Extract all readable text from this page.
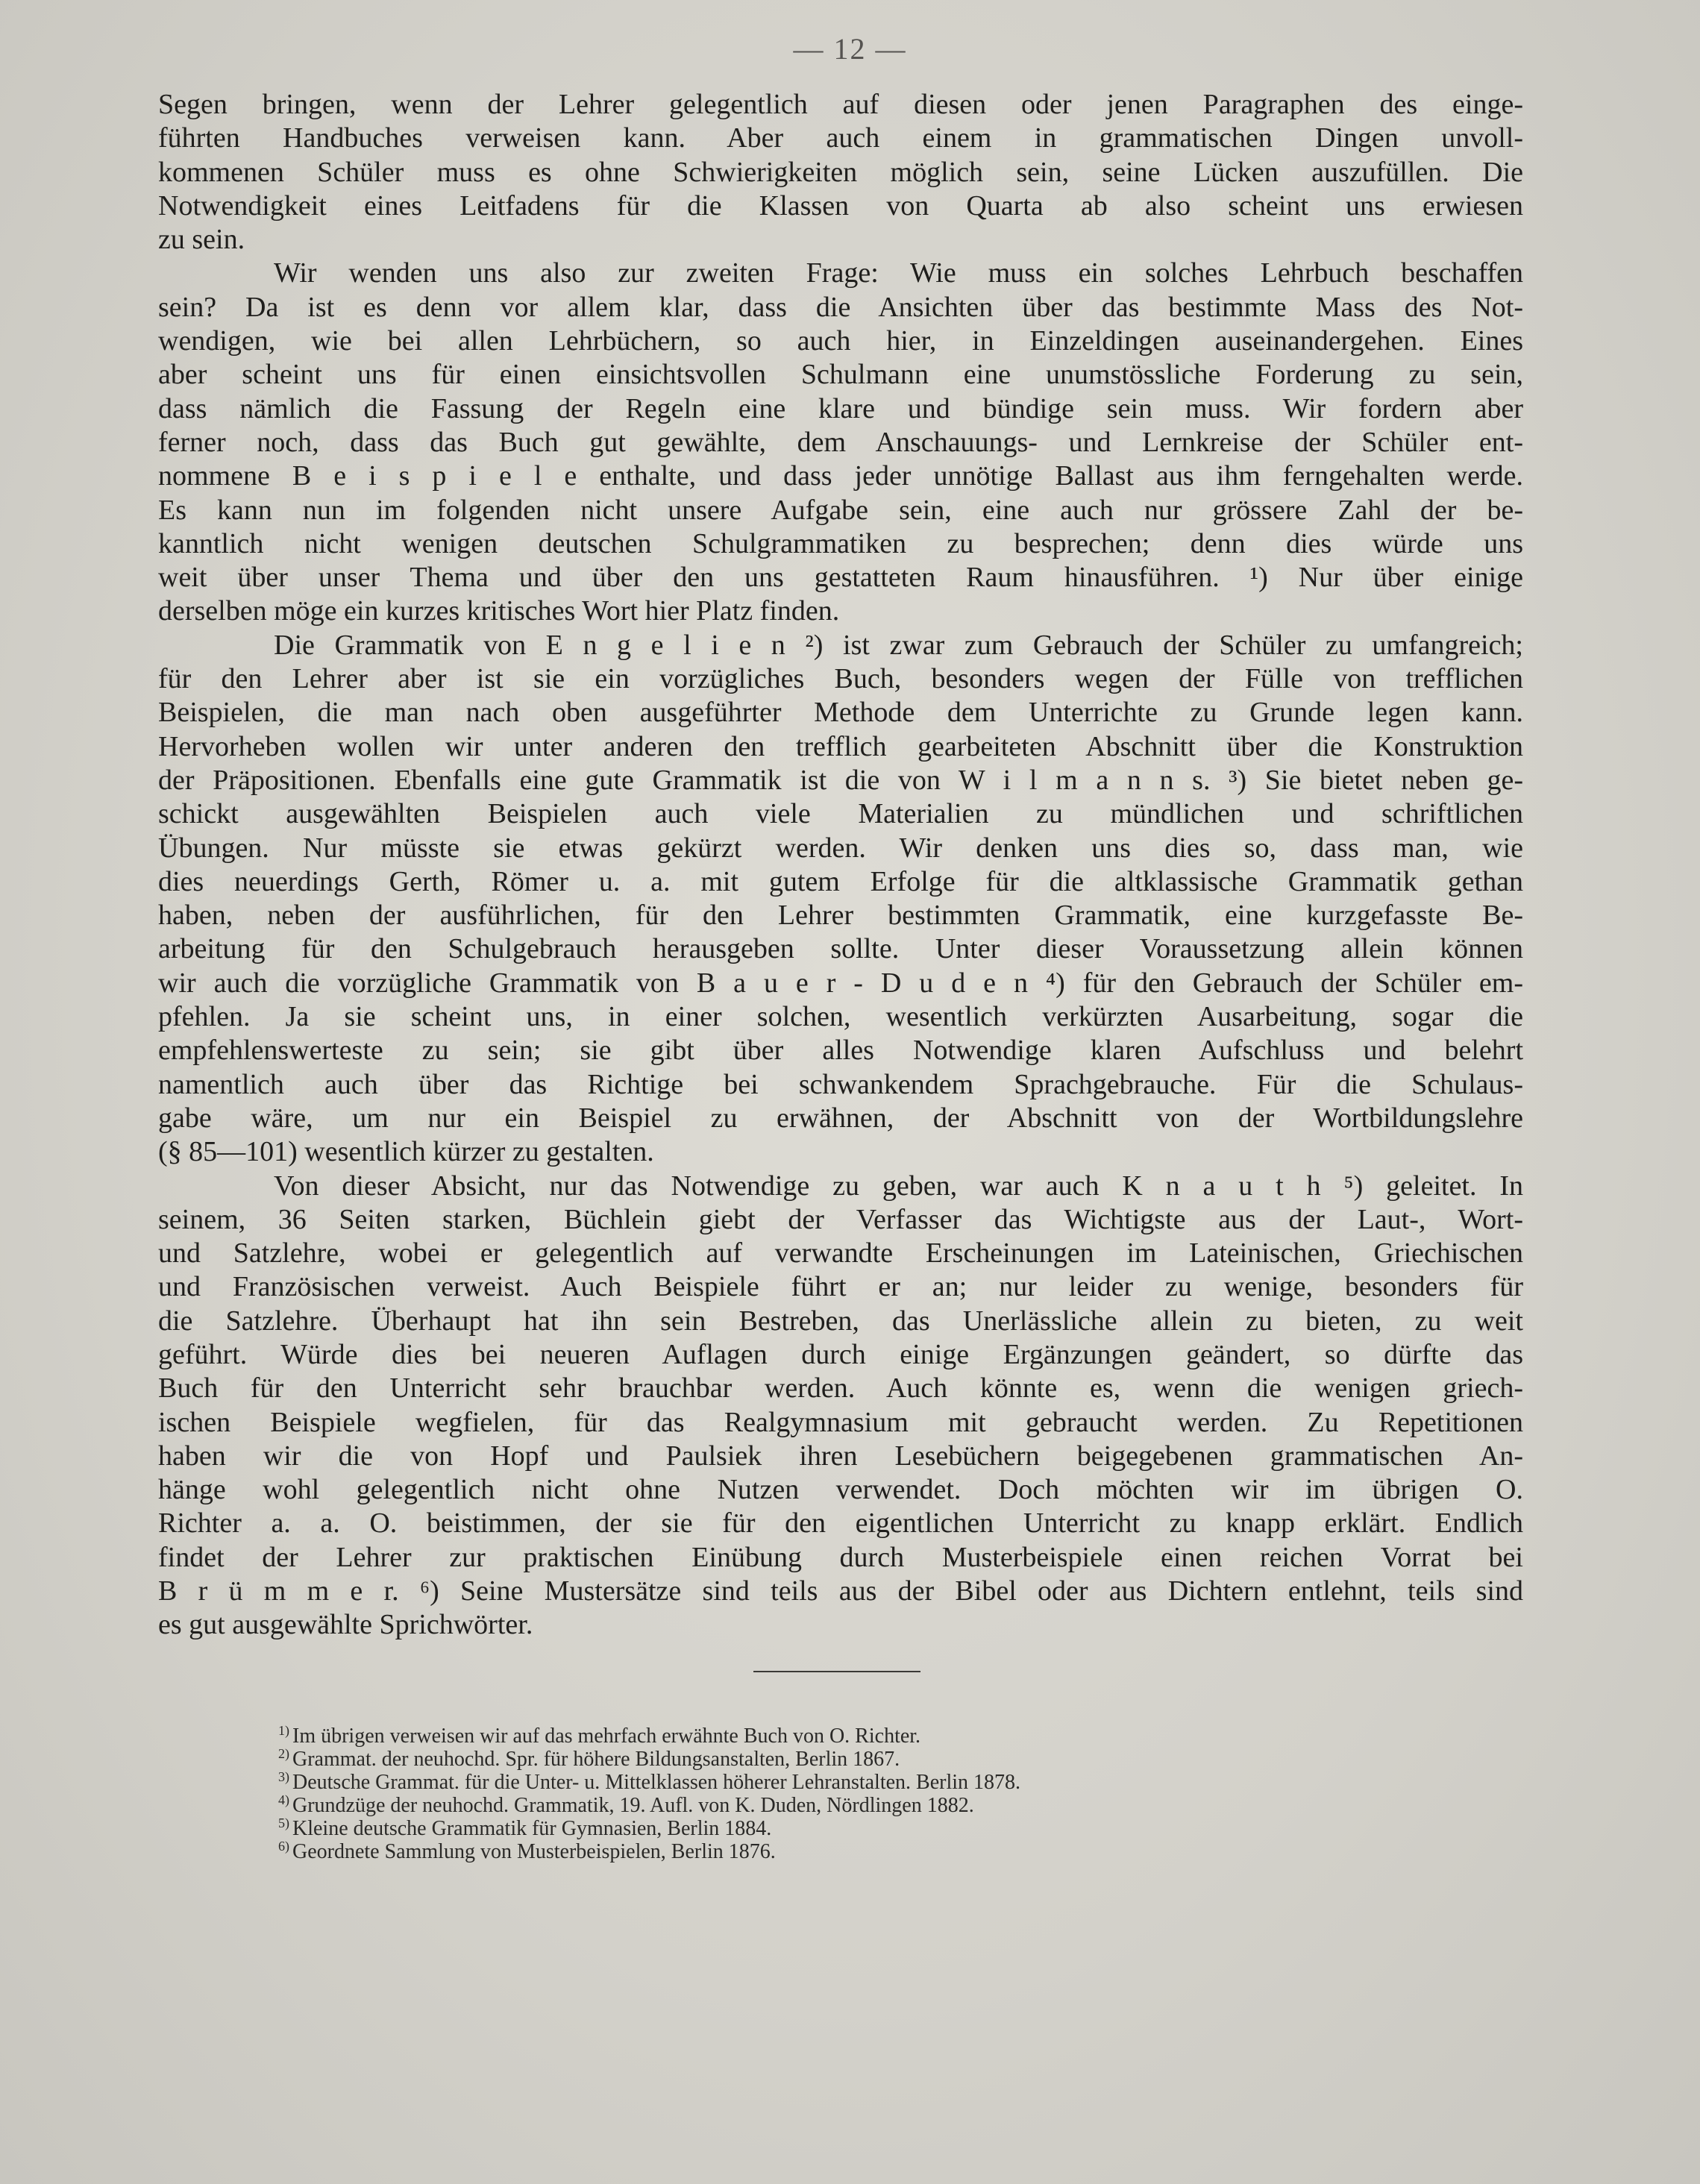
— 12 —
Segen bringen, wenn der Lehrer gelegentlich auf diesen oder jenen Paragraphen des einge-
führten Handbuches verweisen kann. Aber auch einem in grammatischen Dingen unvoll-
kommenen Schüler muss es ohne Schwierigkeiten möglich sein, seine Lücken auszufüllen. Die
Notwendigkeit eines Leitfadens für die Klassen von Quarta ab also scheint uns erwiesen
zu sein.
Wir wenden uns also zur zweiten Frage: Wie muss ein solches Lehrbuch beschaffen
sein? Da ist es denn vor allem klar, dass die Ansichten über das bestimmte Mass des Not-
wendigen, wie bei allen Lehrbüchern, so auch hier, in Einzeldingen auseinandergehen. Eines
aber scheint uns für einen einsichtsvollen Schulmann eine unumstössliche Forderung zu sein,
dass nämlich die Fassung der Regeln eine klare und bündige sein muss. Wir fordern aber
ferner noch, dass das Buch gut gewählte, dem Anschauungs- und Lernkreise der Schüler ent-
nommene B e i s p i e l e enthalte, und dass jeder unnötige Ballast aus ihm ferngehalten werde.
Es kann nun im folgenden nicht unsere Aufgabe sein, eine auch nur grössere Zahl der be-
kanntlich nicht wenigen deutschen Schulgrammatiken zu besprechen; denn dies würde uns
weit über unser Thema und über den uns gestatteten Raum hinausführen. ¹) Nur über einige
derselben möge ein kurzes kritisches Wort hier Platz finden.
Die Grammatik von E n g e l i e n ²) ist zwar zum Gebrauch der Schüler zu umfangreich;
für den Lehrer aber ist sie ein vorzügliches Buch, besonders wegen der Fülle von trefflichen
Beispielen, die man nach oben ausgeführter Methode dem Unterrichte zu Grunde legen kann.
Hervorheben wollen wir unter anderen den trefflich gearbeiteten Abschnitt über die Konstruktion
der Präpositionen. Ebenfalls eine gute Grammatik ist die von W i l m a n n s. ³) Sie bietet neben ge-
schickt ausgewählten Beispielen auch viele Materialien zu mündlichen und schriftlichen
Übungen. Nur müsste sie etwas gekürzt werden. Wir denken uns dies so, dass man, wie
dies neuerdings Gerth, Römer u. a. mit gutem Erfolge für die altklassische Grammatik gethan
haben, neben der ausführlichen, für den Lehrer bestimmten Grammatik, eine kurzgefasste Be-
arbeitung für den Schulgebrauch herausgeben sollte. Unter dieser Voraussetzung allein können
wir auch die vorzügliche Grammatik von B a u e r - D u d e n ⁴) für den Gebrauch der Schüler em-
pfehlen. Ja sie scheint uns, in einer solchen, wesentlich verkürzten Ausarbeitung, sogar die
empfehlenswerteste zu sein; sie gibt über alles Notwendige klaren Aufschluss und belehrt
namentlich auch über das Richtige bei schwankendem Sprachgebrauche. Für die Schulaus-
gabe wäre, um nur ein Beispiel zu erwähnen, der Abschnitt von der Wortbildungslehre
(§ 85—101) wesentlich kürzer zu gestalten.
Von dieser Absicht, nur das Notwendige zu geben, war auch K n a u t h ⁵) geleitet. In
seinem, 36 Seiten starken, Büchlein giebt der Verfasser das Wichtigste aus der Laut-, Wort-
und Satzlehre, wobei er gelegentlich auf verwandte Erscheinungen im Lateinischen, Griechischen
und Französischen verweist. Auch Beispiele führt er an; nur leider zu wenige, besonders für
die Satzlehre. Überhaupt hat ihn sein Bestreben, das Unerlässliche allein zu bieten, zu weit
geführt. Würde dies bei neueren Auflagen durch einige Ergänzungen geändert, so dürfte das
Buch für den Unterricht sehr brauchbar werden. Auch könnte es, wenn die wenigen griech-
ischen Beispiele wegfielen, für das Realgymnasium mit gebraucht werden. Zu Repetitionen
haben wir die von Hopf und Paulsiek ihren Lesebüchern beigegebenen grammatischen An-
hänge wohl gelegentlich nicht ohne Nutzen verwendet. Doch möchten wir im übrigen O.
Richter a. a. O. beistimmen, der sie für den eigentlichen Unterricht zu knapp erklärt. Endlich
findet der Lehrer zur praktischen Einübung durch Musterbeispiele einen reichen Vorrat bei
B r ü m m e r. ⁶) Seine Mustersätze sind teils aus der Bibel oder aus Dichtern entlehnt, teils sind
es gut ausgewählte Sprichwörter.
$^{1)}$ Im übrigen verweisen wir auf das mehrfach erwähnte Buch von O. Richter.
$^{2)}$ Grammat. der neuhochd. Spr. für höhere Bildungsanstalten, Berlin 1867.
$^{3)}$ Deutsche Grammat. für die Unter- u. Mittelklassen höherer Lehranstalten. Berlin 1878.
$^{4)}$ Grundzüge der neuhochd. Grammatik, 19. Aufl. von K. Duden, Nördlingen 1882.
$^{5)}$ Kleine deutsche Grammatik für Gymnasien, Berlin 1884.
$^{6)}$ Geordnete Sammlung von Musterbeispielen, Berlin 1876.
